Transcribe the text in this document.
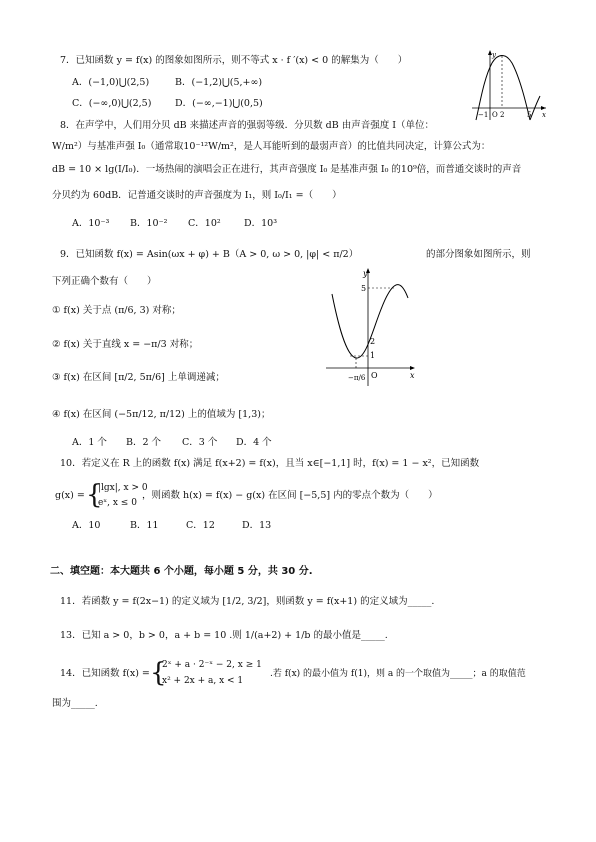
7．已知函数 y = f(x) 的图象如图所示，则不等式 x · f ′(x) < 0 的解集为（　　）
A．(−1,0)⋃(2,5)	B．(−1,2)⋃(5,+∞)
C．(−∞,0)⋃(2,5) D．(−∞,−1)⋃(0,5)
y
x
O
−1 2	5
8．在声学中，人们用分贝 dB 来描述声音的强弱等级．分贝数 dB 由声音强度 I（单位：
W/m²）与基准声强 I₀（通常取10⁻¹²W/m²，是人耳能听到的最弱声音）的比值共同决定，计算公式为：
dB = 10 × lg(I/I₀)．一场热闹的演唱会正在进行，其声音强度 I₀ 是基准声强 I₀ 的10⁹倍，而普通交谈时的声音
分贝约为 60dB．记普通交谈时的声音强度为 I₁，则 I₀/I₁ =（　　）
A．10⁻³ B．10⁻² C．10² D．10³
9．已知函数 f(x) = Asin(ωx + φ) + B（A > 0, ω > 0, |φ| < π/2）	的部分图象如图所示，则
下列正确个数有（　　）
① f(x) 关于点 (π/6, 3) 对称；
② f(x) 关于直线 x = −π/3 对称；
③ f(x) 在区间 [π/2, 5π/6] 上单调递减；
④ f(x) 在区间 (−5π/12, π/12) 上的值域为 [1,3)；
A．1 个 B．2 个 C．3 个 D．4 个
y
x
O
5
2
1
−π/6
10．若定义在 R 上的函数 f(x) 满足 f(x+2) = f(x)，且当 x∈[−1,1] 时，f(x) = 1 − x²，已知函数
g(x) = {
|lgx|, x > 0
eˣ, x ≤ 0
，则函数 h(x) = f(x) − g(x) 在区间 [−5,5] 内的零点个数为（　　）
A．10	B．11	C．12	D．13
二、填空题：本大题共 6 个小题，每小题 5 分，共 30 分.
11．若函数 y = f(2x−1) 的定义域为 [1/2, 3/2]，则函数 y = f(x+1) 的定义域为_____.
13．已知 a > 0，b > 0，a + b = 10 .则 1/(a+2) + 1/b 的最小值是_____.
14．已知函数 f(x) = {
2ˣ + a · 2⁻ˣ − 2, x ≥ 1
x² + 2x + a, x < 1
.若 f(x) 的最小值为 f(1)，则 a 的一个取值为_____；a 的取值范
围为_____.
